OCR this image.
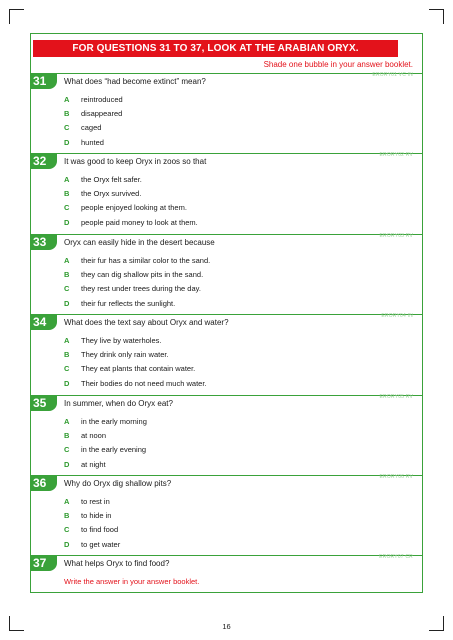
FOR QUESTIONS 31 TO 37, LOOK AT THE ARABIAN ORYX.
Shade one bubble in your answer booklet.
31	What does “had become extinct” mean?
ERORY01 VC IN
A reintroduced
B disappeared
C caged
D hunted
32	It was good to keep Oryx in zoos so that
ERORY02 RV
A the Oryx felt safer.
B the Oryx survived.
C people enjoyed looking at them.
D people paid money to look at them.
33	Oryx can easily hide in the desert because
ERORY03 RV
A their fur has a similar color to the sand.
B they can dig shallow pits in the sand.
C they rest under trees during the day.
D their fur reflects the sunlight.
34	What does the text say about Oryx and water?
ERORY04 IN
A They live by waterholes.
B They drink only rain water.
C They eat plants that contain water.
D Their bodies do not need much water.
35	In summer, when do Oryx eat?
ERORY05 RV
A in the early morning
B at noon
C in the early evening
D at night
36	Why do Oryx dig shallow pits?
ERORY06 RV
A to rest in
B to hide in
C to find food
D to get water
37	What helps Oryx to find food?
ERORY07 CR
Write the answer in your answer booklet.
16
